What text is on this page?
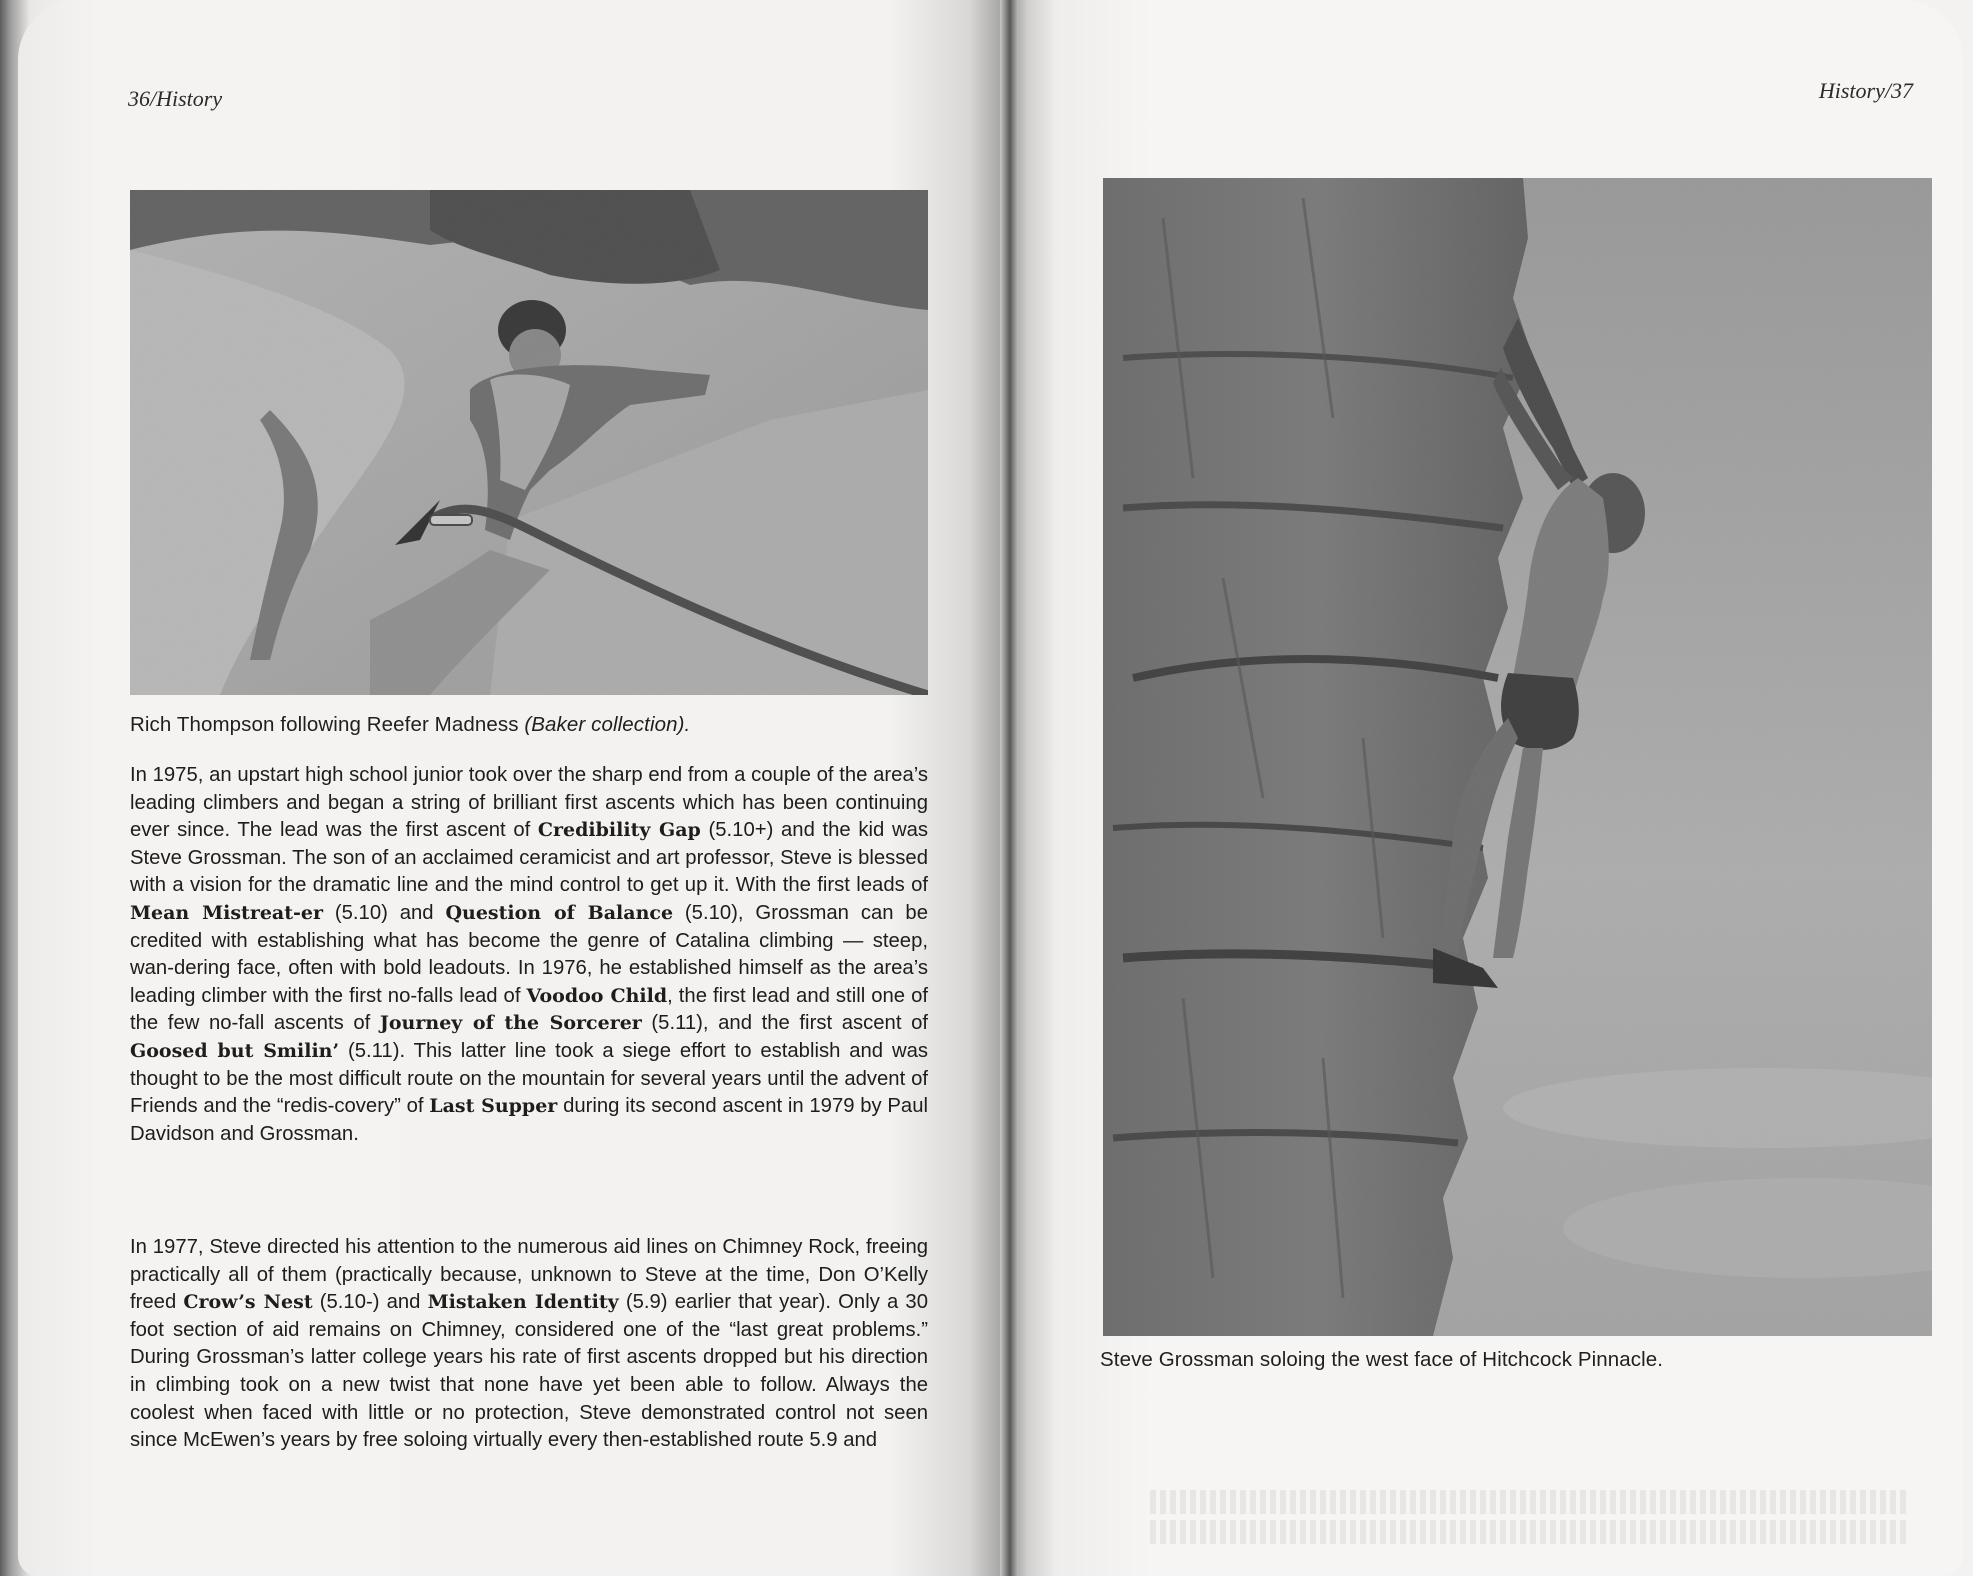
36/History
Rich Thompson following Reefer Madness (Baker collection).
In 1975, an upstart high school junior took over the sharp end from a couple of the area’s leading climbers and began a string of brilliant first ascents which has been continuing ever since. The lead was the first ascent of Credibility Gap (5.10+) and the kid was Steve Grossman. The son of an acclaimed ceramicist and art professor, Steve is blessed with a vision for the dramatic line and the mind control to get up it. With the first leads of Mean Mistreat-er (5.10) and Question of Balance (5.10), Grossman can be credited with establishing what has become the genre of Catalina climbing — steep, wan-dering face, often with bold leadouts. In 1976, he established himself as the area’s leading climber with the first no-falls lead of Voodoo Child, the first lead and still one of the few no-fall ascents of Journey of the Sorcerer (5.11), and the first ascent of Goosed but Smilin’ (5.11). This latter line took a siege effort to establish and was thought to be the most difficult route on the mountain for several years until the advent of Friends and the “redis-covery” of Last Supper during its second ascent in 1979 by Paul Davidson and Grossman.
In 1977, Steve directed his attention to the numerous aid lines on Chimney Rock, freeing practically all of them (practically because, unknown to Steve at the time, Don O’Kelly freed Crow’s Nest (5.10-) and Mistaken Identity (5.9) earlier that year). Only a 30 foot section of aid remains on Chimney, considered one of the “last great problems.” During Grossman’s latter college years his rate of first ascents dropped but his direction in climbing took on a new twist that none have yet been able to follow. Always the coolest when faced with little or no protection, Steve demonstrated control not seen since McEwen’s years by free soloing virtually every then-established route 5.9 and
History/37
Steve Grossman soloing the west face of Hitchcock Pinnacle.
